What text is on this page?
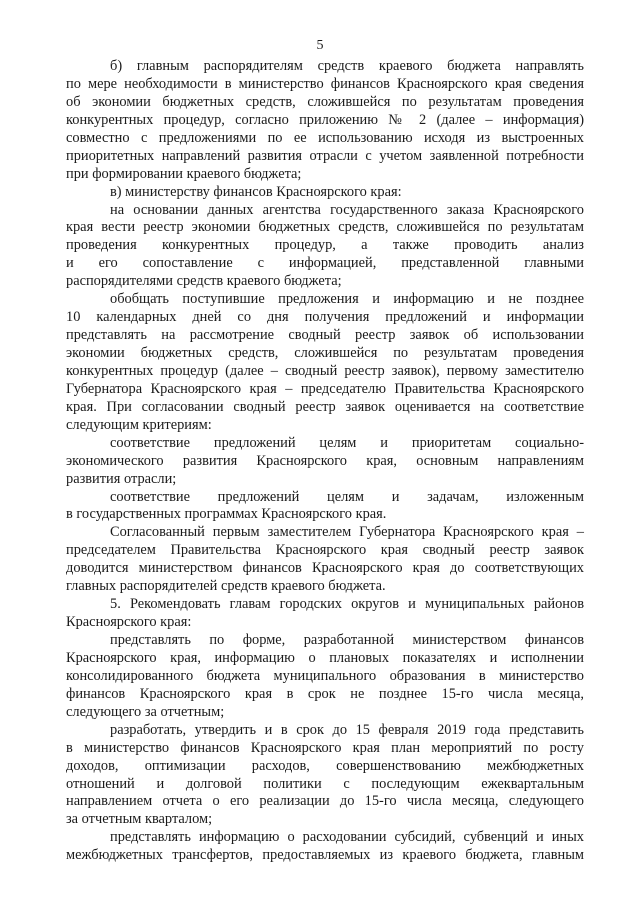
5
б) главным распорядителям средств краевого бюджета направлять
по мере необходимости в министерство финансов Красноярского края сведения
об экономии бюджетных средств, сложившейся по результатам проведения
конкурентных процедур, согласно приложению № 2 (далее – информация)
совместно с предложениями по ее использованию исходя из выстроенных
приоритетных направлений развития отрасли с учетом заявленной потребности
при формировании краевого бюджета;
в) министерству финансов Красноярского края:
на основании данных агентства государственного заказа Красноярского
края вести реестр экономии бюджетных средств, сложившейся по результатам
проведения конкурентных процедур, а также проводить анализ
и его сопоставление с информацией, представленной главными
распорядителями средств краевого бюджета;
обобщать поступившие предложения и информацию и не позднее
10 календарных дней со дня получения предложений и информации
представлять на рассмотрение сводный реестр заявок об использовании
экономии бюджетных средств, сложившейся по результатам проведения
конкурентных процедур (далее – сводный реестр заявок), первому заместителю
Губернатора Красноярского края – председателю Правительства Красноярского
края. При согласовании сводный реестр заявок оценивается на соответствие
следующим критериям:
соответствие предложений целям и приоритетам социально-
экономического развития Красноярского края, основным направлениям
развития отрасли;
соответствие предложений целям и задачам, изложенным
в государственных программах Красноярского края.
Согласованный первым заместителем Губернатора Красноярского края –
председателем Правительства Красноярского края сводный реестр заявок
доводится министерством финансов Красноярского края до соответствующих
главных распорядителей средств краевого бюджета.
5. Рекомендовать главам городских округов и муниципальных районов
Красноярского края:
представлять по форме, разработанной министерством финансов
Красноярского края, информацию о плановых показателях и исполнении
консолидированного бюджета муниципального образования в министерство
финансов Красноярского края в срок не позднее 15-го числа месяца,
следующего за отчетным;
разработать, утвердить и в срок до 15 февраля 2019 года представить
в министерство финансов Красноярского края план мероприятий по росту
доходов, оптимизации расходов, совершенствованию межбюджетных
отношений и долговой политики с последующим ежеквартальным
направлением отчета о его реализации до 15-го числа месяца, следующего
за отчетным кварталом;
представлять информацию о расходовании субсидий, субвенций и иных
межбюджетных трансфертов, предоставляемых из краевого бюджета, главным
